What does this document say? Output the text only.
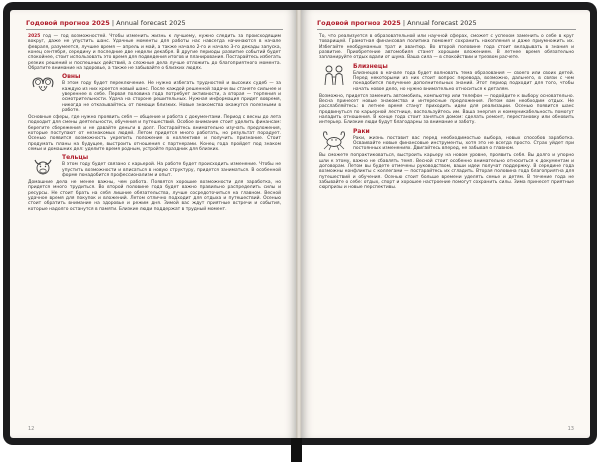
Годовой прогноз 2025 | Annual forecast 2025

2025 год — год возможностей. Чтобы изменить жизнь к лучшему, нужно следить за происходящим вокруг, даже не упустить шанс. Удачные моменты для работы нас навсегда начинаются в начале февраля, разумеется, лучшее время — апрель и май, а также начало 2-го и начало 3-го декады запуска, конец сентября, середину и последние две недели декабря. В другие периоды развитие событий будет спокойнее, стоит использовать это время для подведения итогов и планирования. Постарайтесь избегать резких решений и поспешных действий, а сложные дела лучше отложить до благоприятного момента. Обратите внимание на здоровье, а также не забывайте о близких людях.

Овны

В этом году будет переключение. Не нужно избегать трудностей и высоких судеб — за каждую из них кроется новый шанс. После каждой решенной задачи вы станете сильнее и увереннее в себе. Первая половина года потребует активности, а вторая — терпения и осмотрительности. Удача на стороне решительных. Нужная информация придет вовремя, никогда не отказывайтесь от помощи близких. Новые знакомства окажутся полезными в работе.

Основные сферы, где нужно проявить себя — общение и работа с документами. Период с весны до лета подходит для смены деятельности, обучения и путешествий. Особое внимание стоит уделить финансам: берегите сбережения и не давайте деньги в долг. Постарайтесь внимательно изучать предложения, которые поступают от незнакомых людей. Летом придется много работать, но результат порадует. Осенью появится возможность укрепить положение в коллективе и получить признание. Стоит продумать планы на будущее, выстроить отношения с партнерами. Конец года пройдет под знаком семьи и домашних дел: уделите время родным, устройте праздник для близких.

Тельцы

В этом году будет связано с карьерой. На работе будет происходить изменение. Чтобы не упустить возможности и вписаться в новую структуру, придется заниматься. В особенной форме понадобится профессионализм и опыт.

Домашние дела не менее важны, чем работа. Появятся хорошие возможности для заработка, но придется много трудиться. Во второй половине года будет важно правильно распределить силы и ресурсы. Не стоит брать на себя лишние обязательства, лучше сосредоточиться на главном. Весной удачное время для покупок и вложений. Летом отлично подходит для отдыха и путешествий. Осенью стоит обратить внимание на здоровье и режим дня. Зимой вас ждут приятные встречи и события, которые надолго останутся в памяти. Близкие люди поддержат в трудный момент.

12
Годовой прогноз 2025 | Annual forecast 2025

То, что реализуется в образовательной или научной сферах, сможет с успехом заменить о себе в круг товарищей. Грамотная финансовая политика поможет сохранить накопления и даже приумножить их. Избегайте необдуманных трат и авантюр. Во второй половине года стоит вкладывать в знания и развитие. Приобретение автомобиля станет хорошим вложением. В летнее время обязательно запланируйте отдых вдали от шума. Ваша сила — в спокойствии и трезвом расчете.

Близнецы

Близнецов в начале года будет волновать тема образования — своего или своих детей. Перед некоторыми из них стоит вопрос перевода, возможно, дальнего, в связи с чем понадобится получение дополнительных знаний. Этот период подходит для того, чтобы начать новое дело, но нужно внимательно относиться к деталям.

Возможно, придется заменить автомобиль, компьютер или телефон — подойдите к выбору основательно. Весна принесет новые знакомства и интересные предложения. Летом вам необходим отдых. Не расслабляйтесь: в летнее время станут приходить идеи для реализации. Осенью появится шанс продвинуться по карьерной лестнице, воспользуйтесь им. Ваша энергия и коммуникабельность помогут наладить отношения. В конце года стоит заняться домом: сделать ремонт, перестановку или обновить интерьер. Близкие люди будут благодарны за внимание и заботу.

Раки

Раки, жизнь поставит вас перед необходимостью выбора, новых способов заработка. Осваивайте новые финансовые инструменты, хотя это не всегда просто. Страх уйдет при постоянных изменениях. Двигайтесь вперед, не забывая о главном.

Вы сможете попрактиковаться, выстроить карьеру на новом уровне, проявить себя. Вы долго и упорно шли к этому, важно не сбавлять темп. Весной стоит особенно внимательно относиться к документам и договорам. Летом вы будете отмечены руководством, ваши идеи получат поддержку. В середине года возможны конфликты с коллегами — постарайтесь их сгладить. Вторая половина года благоприятна для путешествий и обучения. Осенью стоит больше времени уделять семье и детям. В течение года не забывайте о себе: отдых, спорт и хорошее настроение помогут сохранить силы. Зима принесет приятные сюрпризы и новые перспективы.

13
